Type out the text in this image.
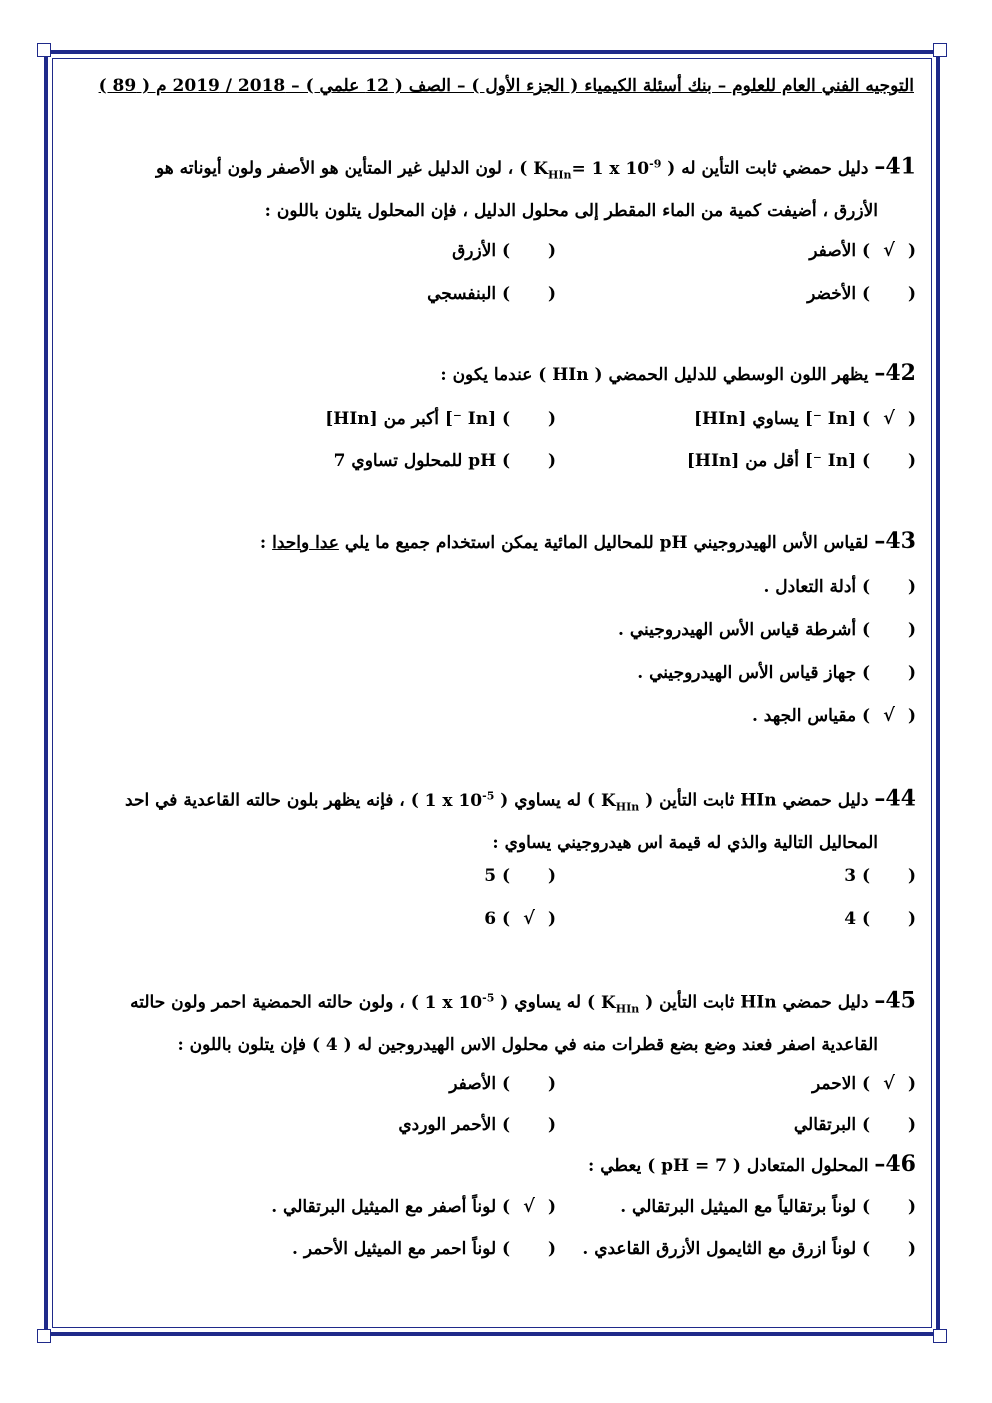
التوجيه الفني العام للعلوم – بنك أسئلة الكيمياء ( الجزء الأول ) – الصف ( 12 علمي ) – 2018 / 2019 م ( 89 )
41– دليل حمضي ثابت التأين له ( $K_{HIn}= 1$ x $10^{-9}$ ) ، لون الدليل غير المتأين هو الأصفر ولون أيوناته هو
الأزرق ، أضيفت كمية من الماء المقطر إلى محلول الدليل ، فإن المحلول يتلون باللون :
( √ ) الأصفر
(  ) الأزرق
(  ) الأخضر
(  ) البنفسجي
42– يظهر اللون الوسطي للدليل الحمضي ( HIn ) عندما يكون :
( √ ) [In ⁻] يساوي [HIn]
(  ) [In ⁻] أكبر من [HIn]
(  ) [In ⁻] أقل من [HIn]
(  ) pH للمحلول تساوي 7
43– لقياس الأس الهيدروجيني pH للمحاليل المائية يمكن استخدام جميع ما يلي عدا واحدا :
(  ) أدلة التعادل .
(  ) أشرطة قياس الأس الهيدروجيني .
(  ) جهاز قياس الأس الهيدروجيني .
( √ ) مقياس الجهد .
44– دليل حمضي HIn ثابت التأين ( $K_{HIn}$ ) له يساوي ( 1 x $10^{-5}$ ) ، فإنه يظهر بلون حالته القاعدية في احد
المحاليل التالية والذي له قيمة اس هيدروجيني يساوي :
(  ) 3
(  ) 5
(  ) 4
( √ ) 6
45– دليل حمضي HIn ثابت التأين ( $K_{HIn}$ ) له يساوي ( 1 x $10^{-5}$ ) ، ولون حالته الحمضية احمر ولون حالته
القاعدية اصفر فعند وضع بضع قطرات منه في محلول الاس الهيدروجين له ( 4 ) فإن يتلون باللون :
( √ ) الاحمر
(  ) الأصفر
(  ) البرتقالي
(  ) الأحمر الوردي
46– المحلول المتعادل ( pH = 7 ) يعطي :
(  ) لوناً برتقالياً مع الميثيل البرتقالي .
( √ ) لوناً أصفر مع الميثيل البرتقالي .
(  ) لوناً ازرق مع الثايمول الأزرق القاعدي .
(  ) لوناً احمر مع الميثيل الأحمر .
